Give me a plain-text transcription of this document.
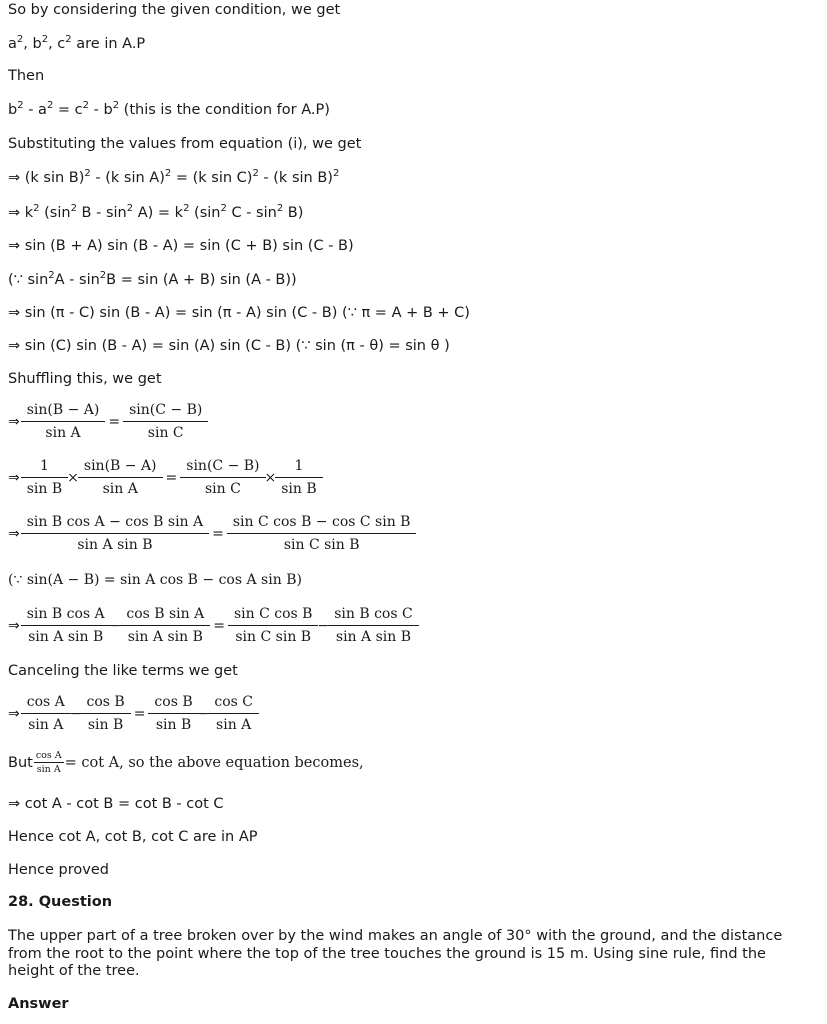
So by considering the given condition, we get
$a^2$, $b^2$, $c^2$ are in A.P
Then
$b^2 - a^2 = c^2 - b^2$ (this is the condition for A.P)
Substituting the values from equation (i), we get
⇒ (k sin B)$^2$ - (k sin A)$^2$ = (k sin C)$^2$ - (k sin B)$^2$
⇒ $k^2$ ($\sin^2$ $B - \sin^2 A) = k^2$ ($\sin^2$ C - $\sin^2 B$)
⇒ sin (B + A) sin (B - A) = sin (C + B) sin (C - B)
(∵ $\sin^2A - \sin^2B = \sin (A + B)$ sin (A - B))
⇒ sin (π - C) sin (B - A) = sin (π - A) sin (C - B) (∵ π = A + B + C)
⇒ sin (C) sin (B - A) = sin (A) sin (C - B) (∵ sin (π - θ) = sin θ )
Shuffling this, we get
⇒ $\frac{\sin(B - A)}{\text{sin A}} = \frac{\sin(C - B)}{\text{sin C}}$
⇒ $\frac{1}{\text{sin B}} \times \frac{\sin(B - A)}{\text{sin A}} = \frac{\sin(C - B)}{\text{sin C}} \times \frac{1}{\text{sin B}}$
⇒ $\frac{\text{sin B cos A − cos B sin A}}{\text{sin A sin B}} = \frac{\text{sin C cos B − cos C sin B}}{\text{sin C sin B}}$
(∵ sin(A − B) = sin A cos B − cos A sin B)
⇒ $\frac{\text{sin B cos A}}{\text{sin A sin B}} - \frac{\text{cos B sin A}}{\text{sin A sin B}} = \frac{\text{sin C cos B}}{\text{sin C sin B}} - \frac{\text{sin B cos C}}{\text{sin A sin B}}$
Canceling the like terms we get
⇒ $\frac{\text{cos A}}{\text{sin A}} - \frac{\text{cos B}}{\text{sin B}} = \frac{\text{cos B}}{\text{sin B}} - \frac{\text{cos C}}{\text{sin A}}$
But $\frac{\text{cos A}}{\text{sin A}} = \cot A$, so the above equation becomes,
⇒ cot A - cot B = cot B - cot C
Hence cot A, cot B, cot C are in AP
Hence proved
28. Question
The upper part of a tree broken over by the wind makes an angle of 30° with the ground, and the distance from the root to the point where the top of the tree touches the ground is 15 m. Using sine rule, find the height of the tree.
Answer
